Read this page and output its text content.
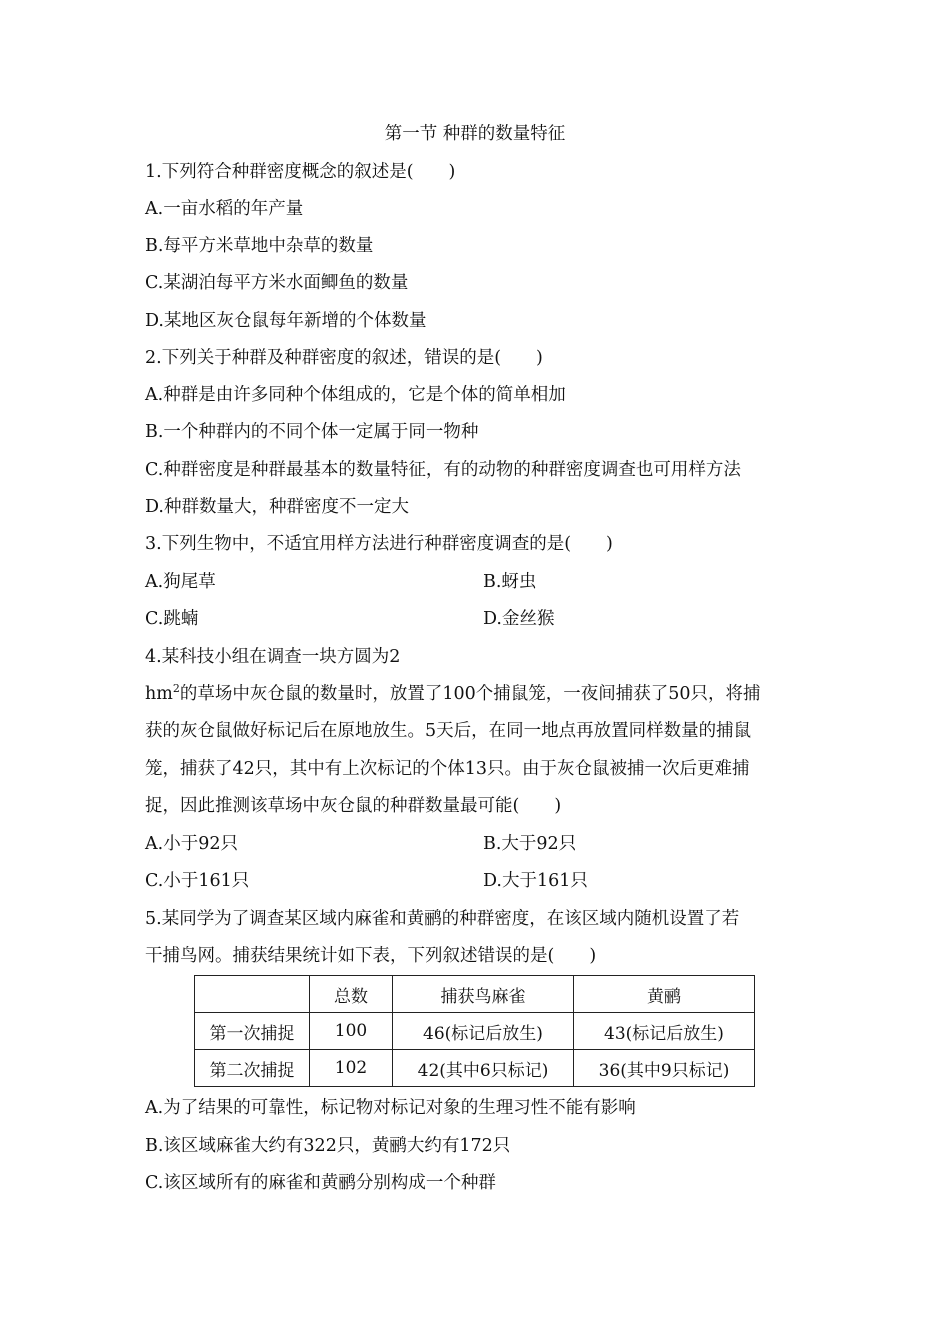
第一节 种群的数量特征
1.下列符合种群密度概念的叙述是(　　)
A.一亩水稻的年产量
B.每平方米草地中杂草的数量
C.某湖泊每平方米水面鲫鱼的数量
D.某地区灰仓鼠每年新增的个体数量
2.下列关于种群及种群密度的叙述，错误的是(　　)
A.种群是由许多同种个体组成的，它是个体的简单相加
B.一个种群内的不同个体一定属于同一物种
C.种群密度是种群最基本的数量特征，有的动物的种群密度调查也可用样方法
D.种群数量大，种群密度不一定大
3.下列生物中，不适宜用样方法进行种群密度调查的是(　　)
A.狗尾草	B.蚜虫
C.跳蝻	D.金丝猴
4.某科技小组在调查一块方圆为2
$hm^2$的草场中灰仓鼠的数量时，放置了100个捕鼠笼，一夜间捕获了50只，将捕
获的灰仓鼠做好标记后在原地放生。5天后，在同一地点再放置同样数量的捕鼠
笼，捕获了42只，其中有上次标记的个体13只。由于灰仓鼠被捕一次后更难捕
捉，因此推测该草场中灰仓鼠的种群数量最可能(　　)
A.小于92只	B.大于92只
C.小于161只	D.大于161只
5.某同学为了调查某区域内麻雀和黄鹂的种群密度，在该区域内随机设置了若
干捕鸟网。捕获结果统计如下表，下列叙述错误的是(　　)
	总数	捕获鸟麻雀	黄鹂
第一次捕捉	100	46(标记后放生)	43(标记后放生)
第二次捕捉	102	42(其中6只标记)	36(其中9只标记)
A.为了结果的可靠性，标记物对标记对象的生理习性不能有影响
B.该区域麻雀大约有322只，黄鹂大约有172只
C.该区域所有的麻雀和黄鹂分别构成一个种群
